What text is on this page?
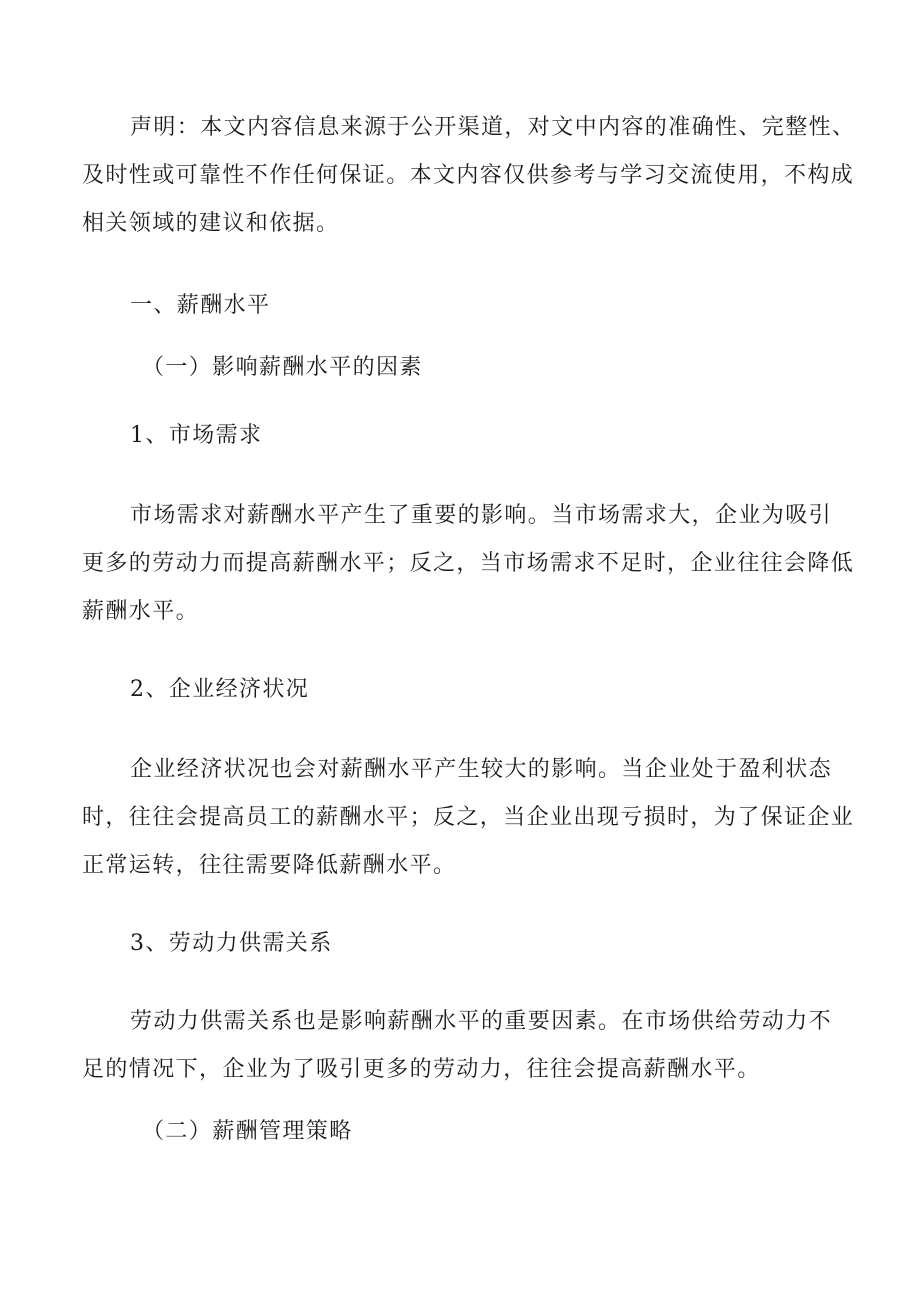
声明：本文内容信息来源于公开渠道，对文中内容的准确性、完整性、
及时性或可靠性不作任何保证。本文内容仅供参考与学习交流使用，不构成
相关领域的建议和依据。
一、薪酬水平
（一）影响薪酬水平的因素
1、市场需求
市场需求对薪酬水平产生了重要的影响。当市场需求大，企业为吸引
更多的劳动力而提高薪酬水平；反之，当市场需求不足时，企业往往会降低
薪酬水平。
2、企业经济状况
企业经济状况也会对薪酬水平产生较大的影响。当企业处于盈利状态
时，往往会提高员工的薪酬水平；反之，当企业出现亏损时，为了保证企业
正常运转，往往需要降低薪酬水平。
3、劳动力供需关系
劳动力供需关系也是影响薪酬水平的重要因素。在市场供给劳动力不
足的情况下，企业为了吸引更多的劳动力，往往会提高薪酬水平。
（二）薪酬管理策略
